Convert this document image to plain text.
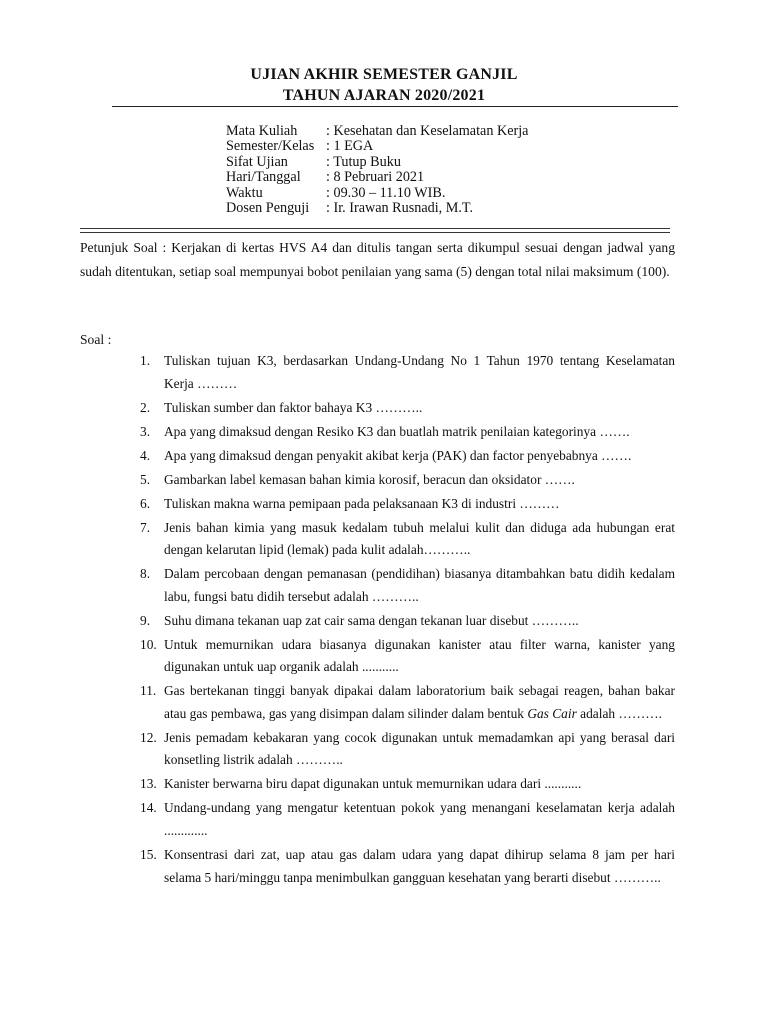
UJIAN AKHIR SEMESTER GANJIL
TAHUN AJARAN 2020/2021
Mata Kuliah	: Kesehatan dan Keselamatan Kerja
Semester/Kelas : 1 EGA
Sifat Ujian	: Tutup Buku
Hari/Tanggal	: 8 Pebruari 2021
Waktu	: 09.30 – 11.10 WIB.
Dosen Penguji	: Ir. Irawan Rusnadi, M.T.
Petunjuk Soal : Kerjakan di kertas HVS A4 dan ditulis tangan serta dikumpul sesuai dengan jadwal yang sudah ditentukan, setiap soal mempunyai bobot penilaian yang sama (5) dengan total nilai maksimum (100).
Soal :
1.	Tuliskan tujuan K3, berdasarkan Undang-Undang No 1 Tahun 1970 tentang Keselamatan Kerja ………
2.	Tuliskan sumber dan faktor bahaya K3 ………..
3.	Apa yang dimaksud dengan Resiko K3 dan buatlah matrik penilaian kategorinya …….
4.	Apa yang dimaksud dengan penyakit akibat kerja (PAK) dan factor penyebabnya …….
5.	Gambarkan label kemasan bahan kimia korosif, beracun dan oksidator …….
6.	Tuliskan makna warna pemipaan pada pelaksanaan K3 di industri ………
7.	Jenis bahan kimia yang masuk kedalam tubuh melalui kulit dan diduga ada hubungan erat dengan kelarutan lipid (lemak) pada kulit adalah………..
8.	Dalam percobaan dengan pemanasan (pendidihan) biasanya ditambahkan batu didih kedalam labu, fungsi batu didih tersebut adalah ………..
9.	Suhu dimana tekanan uap zat cair sama dengan tekanan luar disebut ………..
10. Untuk memurnikan udara biasanya digunakan kanister atau filter warna, kanister yang digunakan untuk uap organik adalah ...........
11. Gas bertekanan tinggi banyak dipakai dalam laboratorium baik sebagai reagen, bahan bakar atau gas pembawa, gas yang disimpan dalam silinder dalam bentuk Gas Cair adalah ……….
12. Jenis pemadam kebakaran yang cocok digunakan untuk memadamkan api yang berasal dari konsetling listrik adalah ………..
13. Kanister berwarna biru dapat digunakan untuk memurnikan udara dari ...........
14. Undang-undang yang mengatur ketentuan pokok yang menangani keselamatan kerja adalah .............
15. Konsentrasi dari zat, uap atau gas dalam udara yang dapat dihirup selama 8 jam per hari selama 5 hari/minggu tanpa menimbulkan gangguan kesehatan yang berarti disebut ………..
